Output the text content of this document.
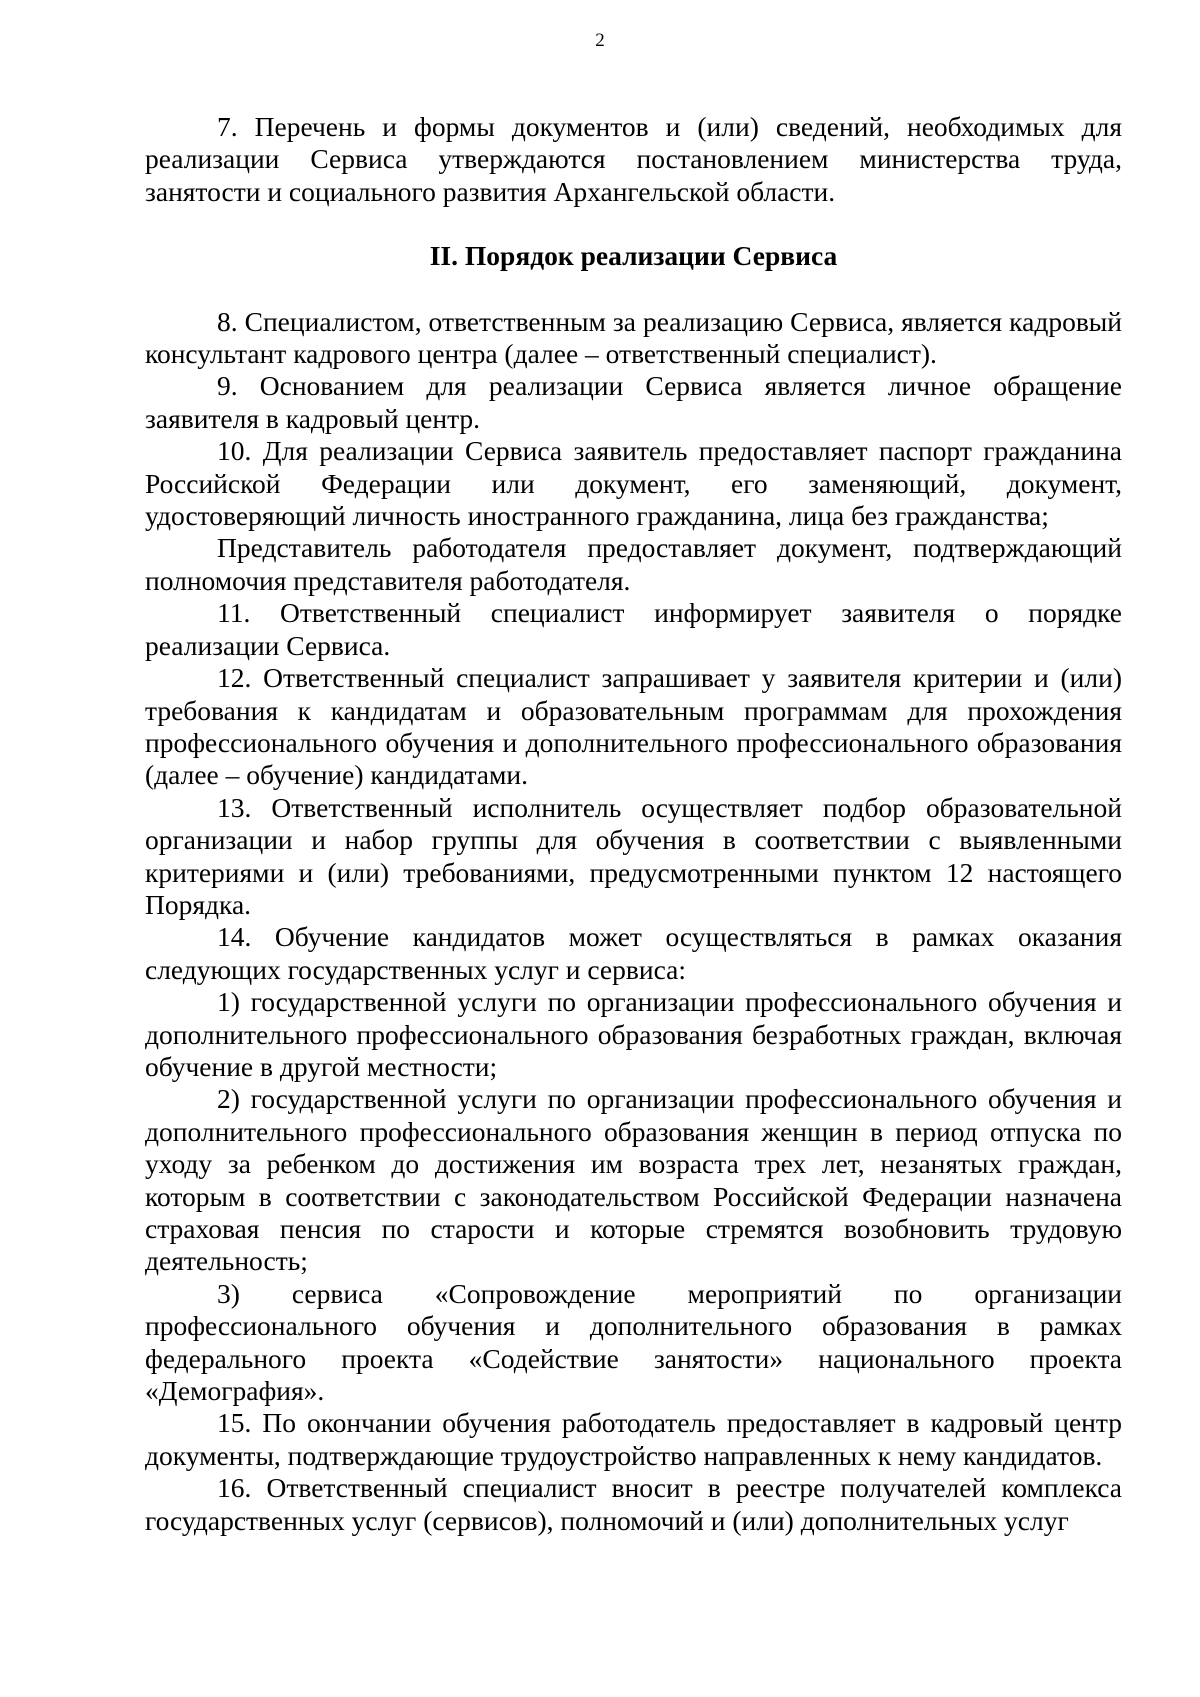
2

7. Перечень и формы документов и (или) сведений, необходимых для реализации Сервиса утверждаются постановлением министерства труда, занятости и социального развития Архангельской области.

II. Порядок реализации Сервиса

8. Специалистом, ответственным за реализацию Сервиса, является кадровый консультант кадрового центра (далее – ответственный специалист).

9. Основанием для реализации Сервиса является личное обращение заявителя в кадровый центр.

10. Для реализации Сервиса заявитель предоставляет паспорт гражданина Российской Федерации или документ, его заменяющий, документ, удостоверяющий личность иностранного гражданина, лица без гражданства;

Представитель работодателя предоставляет документ, подтверждающий полномочия представителя работодателя.

11. Ответственный специалист информирует заявителя о порядке реализации Сервиса.

12. Ответственный специалист запрашивает у заявителя критерии и (или) требования к кандидатам и образовательным программам для прохождения профессионального обучения и дополнительного профессионального образования (далее – обучение) кандидатами.

13. Ответственный исполнитель осуществляет подбор образовательной организации и набор группы для обучения в соответствии с выявленными критериями и (или) требованиями, предусмотренными пунктом 12 настоящего Порядка.

14. Обучение кандидатов может осуществляться в рамках оказания следующих государственных услуг и сервиса:

1) государственной услуги по организации профессионального обучения и дополнительного профессионального образования безработных граждан, включая обучение в другой местности;

2) государственной услуги по организации профессионального обучения и дополнительного профессионального образования женщин в период отпуска по уходу за ребенком до достижения им возраста трех лет, незанятых граждан, которым в соответствии с законодательством Российской Федерации назначена страховая пенсия по старости и которые стремятся возобновить трудовую деятельность;

3) сервиса «Сопровождение мероприятий по организации профессионального обучения и дополнительного образования в рамках федерального проекта «Содействие занятости» национального проекта «Демография».

15. По окончании обучения работодатель предоставляет в кадровый центр документы, подтверждающие трудоустройство направленных к нему кандидатов.

16. Ответственный специалист вносит в реестре получателей комплекса государственных услуг (сервисов), полномочий и (или) дополнительных услуг
